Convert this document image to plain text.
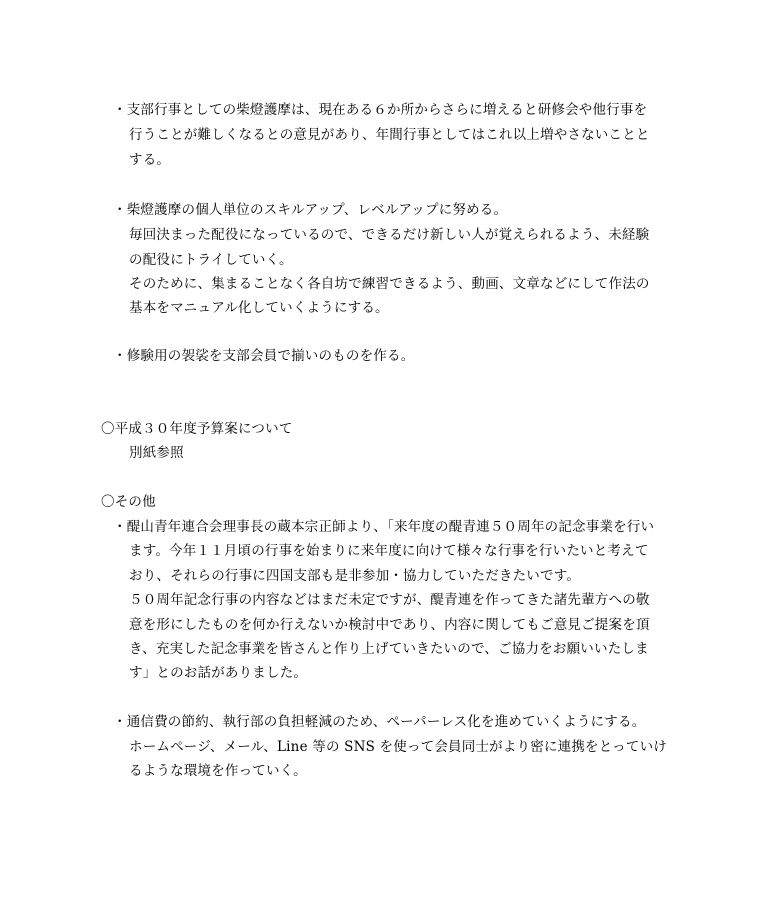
・支部行事としての柴燈護摩は、現在ある６か所からさらに増えると研修会や他行事を
行うことが難しくなるとの意見があり、年間行事としてはこれ以上増やさないことと
する。
・柴燈護摩の個人単位のスキルアップ、レベルアップに努める。
毎回決まった配役になっているので、できるだけ新しい人が覚えられるよう、未経験
の配役にトライしていく。
そのために、集まることなく各自坊で練習できるよう、動画、文章などにして作法の
基本をマニュアル化していくようにする。
・修験用の袈裟を支部会員で揃いのものを作る。
〇平成３０年度予算案について
別紙参照
〇その他
・醍山青年連合会理事長の蔵本宗正師より、「来年度の醍青連５０周年の記念事業を行い
ます。今年１１月頃の行事を始まりに来年度に向けて様々な行事を行いたいと考えて
おり、それらの行事に四国支部も是非参加・協力していただきたいです。
５０周年記念行事の内容などはまだ未定ですが、醍青連を作ってきた諸先輩方への敬
意を形にしたものを何か行えないか検討中であり、内容に関してもご意見ご提案を頂
き、充実した記念事業を皆さんと作り上げていきたいので、ご協力をお願いいたしま
す」とのお話がありました。
・通信費の節約、執行部の負担軽減のため、ペーパーレス化を進めていくようにする。
ホームページ、メール、Line 等の SNS を使って会員同士がより密に連携をとっていけ
るような環境を作っていく。
